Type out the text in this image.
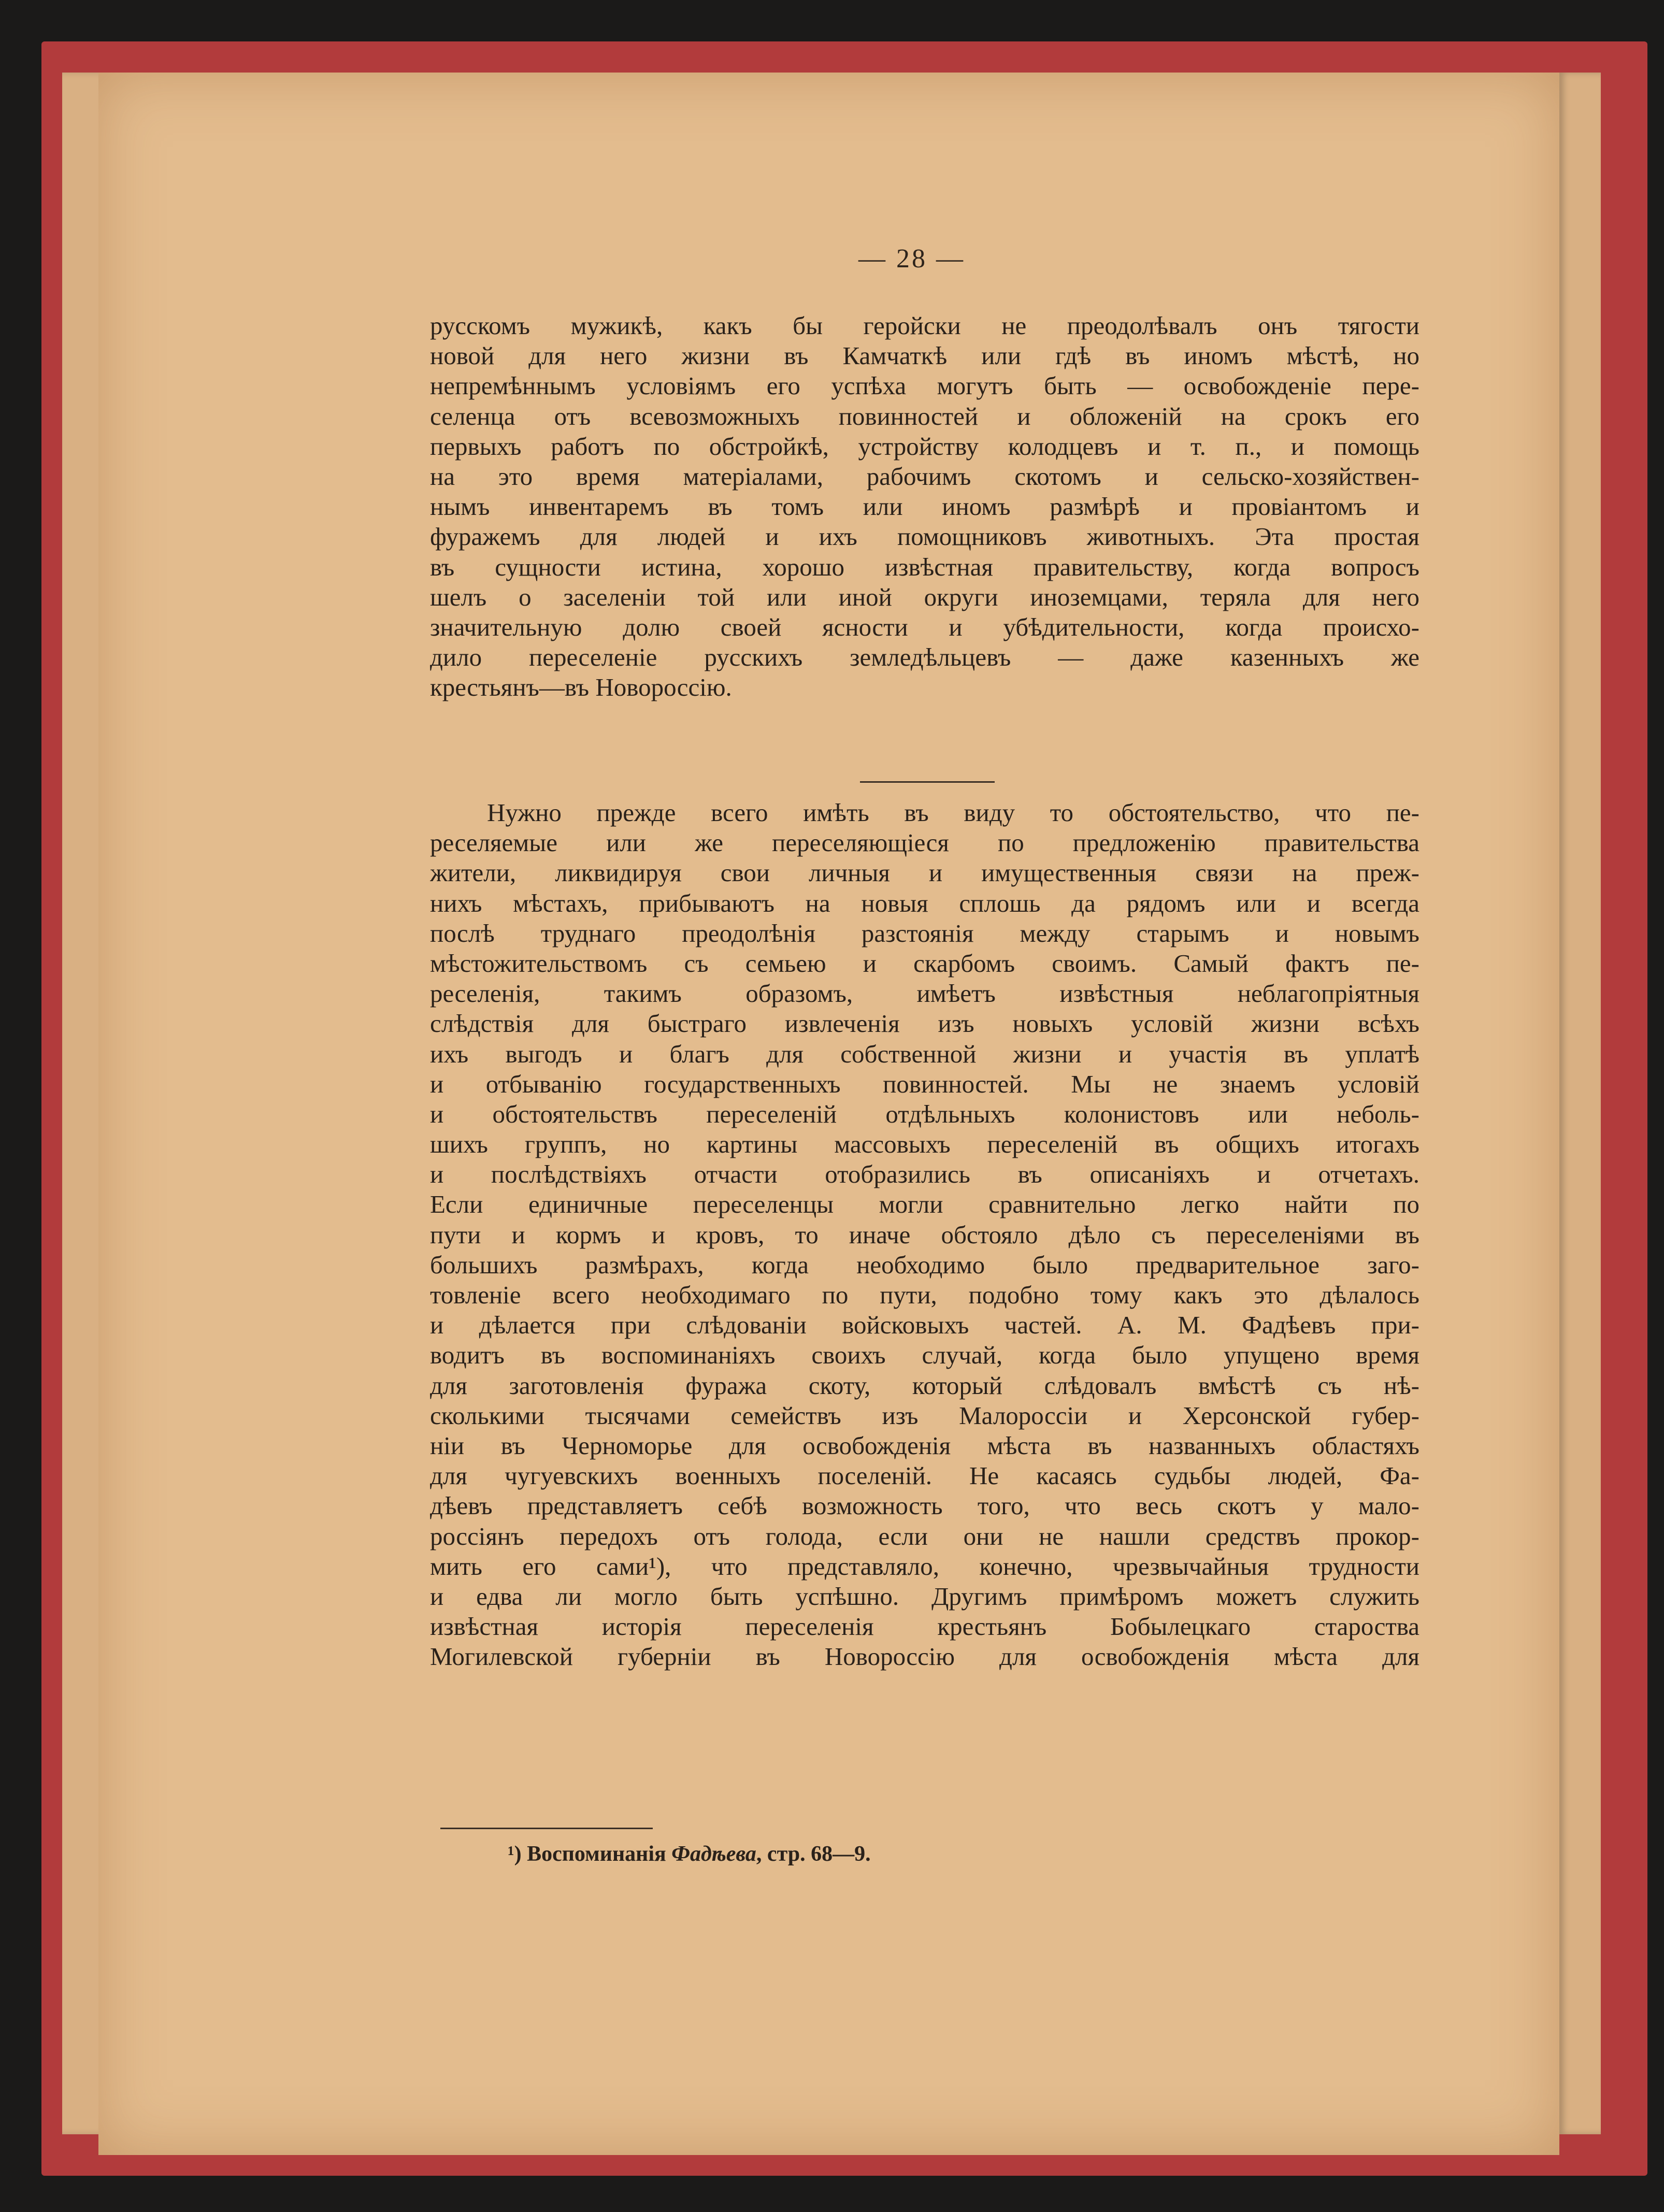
— 28 —
русскомъ мужикѣ, какъ бы геройски не преодолѣвалъ онъ тягости
новой для него жизни въ Камчаткѣ или гдѣ въ иномъ мѣстѣ, но
непремѣннымъ условіямъ его успѣха могутъ быть — освобожденіе пере-
селенца отъ всевозможныхъ повинностей и обложеній на срокъ его
первыхъ работъ по обстройкѣ, устройству колодцевъ и т. п., и помощь
на это время матеріалами, рабочимъ скотомъ и сельско-хозяйствен-
нымъ инвентаремъ въ томъ или иномъ размѣрѣ и провіантомъ и
фуражемъ для людей и ихъ помощниковъ животныхъ. Эта простая
въ сущности истина, хорошо извѣстная правительству, когда вопросъ
шелъ о заселеніи той или иной округи иноземцами, теряла для него
значительную долю своей ясности и убѣдительности, когда происхо-
дило переселеніе русскихъ земледѣльцевъ — даже казенныхъ же
крестьянъ—въ Новороссію.
Нужно прежде всего имѣть въ виду то обстоятельство, что пе-
реселяемые или же переселяющіеся по предложенію правительства
жители, ликвидируя свои личныя и имущественныя связи на преж-
нихъ мѣстахъ, прибываютъ на новыя сплошь да рядомъ или и всегда
послѣ труднаго преодолѣнія разстоянія между старымъ и новымъ
мѣстожительствомъ съ семьею и скарбомъ своимъ. Самый фактъ пе-
реселенія, такимъ образомъ, имѣетъ извѣстныя неблагопріятныя
слѣдствія для быстраго извлеченія изъ новыхъ условій жизни всѣхъ
ихъ выгодъ и благъ для собственной жизни и участія въ уплатѣ
и отбыванію государственныхъ повинностей. Мы не знаемъ условій
и обстоятельствъ переселеній отдѣльныхъ колонистовъ или неболь-
шихъ группъ, но картины массовыхъ переселеній въ общихъ итогахъ
и послѣдствіяхъ отчасти отобразились въ описаніяхъ и отчетахъ.
Если единичные переселенцы могли сравнительно легко найти по
пути и кормъ и кровъ, то иначе обстояло дѣло съ переселеніями въ
большихъ размѣрахъ, когда необходимо было предварительное заго-
товленіе всего необходимаго по пути, подобно тому какъ это дѣлалось
и дѣлается при слѣдованіи войсковыхъ частей. А. М. Фадѣевъ при-
водитъ въ воспоминаніяхъ своихъ случай, когда было упущено время
для заготовленія фуража скоту, который слѣдовалъ вмѣстѣ съ нѣ-
сколькими тысячами семействъ изъ Малороссіи и Херсонской губер-
ніи въ Черноморье для освобожденія мѣста въ названныхъ областяхъ
для чугуевскихъ военныхъ поселеній. Не касаясь судьбы людей, Фа-
дѣевъ представляетъ себѣ возможность того, что весь скотъ у мало-
россіянъ передохъ отъ голода, если они не нашли средствъ прокор-
мить его сами¹), что представляло, конечно, чрезвычайныя трудности
и едва ли могло быть успѣшно. Другимъ примѣромъ можетъ служить
извѣстная исторія переселенія крестьянъ Бобылецкаго староства
Могилевской губерніи въ Новороссію для освобожденія мѣста для
¹) Воспоминанія Фадѣева, стр. 68—9.
